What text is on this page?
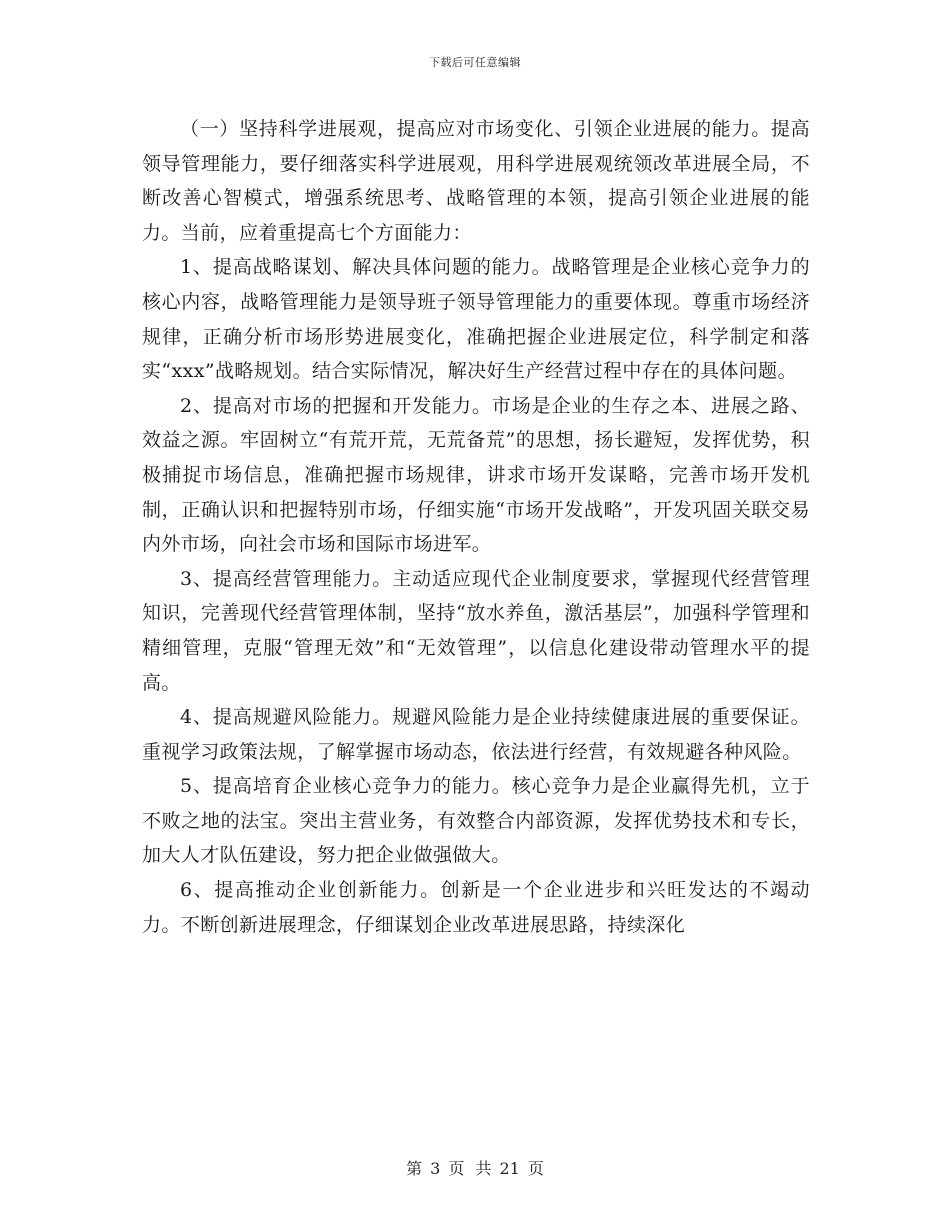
下载后可任意编辑

（一）坚持科学进展观，提高应对市场变化、引领企业进展的能力。提高领导管理能力，要仔细落实科学进展观，用科学进展观统领改革进展全局，不断改善心智模式，增强系统思考、战略管理的本领，提高引领企业进展的能力。当前，应着重提高七个方面能力：

1、提高战略谋划、解决具体问题的能力。战略管理是企业核心竞争力的核心内容，战略管理能力是领导班子领导管理能力的重要体现。尊重市场经济规律，正确分析市场形势进展变化，准确把握企业进展定位，科学制定和落实“xxx”战略规划。结合实际情况，解决好生产经营过程中存在的具体问题。

2、提高对市场的把握和开发能力。市场是企业的生存之本、进展之路、效益之源。牢固树立“有荒开荒，无荒备荒”的思想，扬长避短，发挥优势，积极捕捉市场信息，准确把握市场规律，讲求市场开发谋略，完善市场开发机制，正确认识和把握特别市场，仔细实施“市场开发战略”，开发巩固关联交易内外市场，向社会市场和国际市场进军。

3、提高经营管理能力。主动适应现代企业制度要求，掌握现代经营管理知识，完善现代经营管理体制，坚持“放水养鱼，激活基层”，加强科学管理和精细管理，克服“管理无效”和“无效管理”，以信息化建设带动管理水平的提高。

4、提高规避风险能力。规避风险能力是企业持续健康进展的重要保证。重视学习政策法规，了解掌握市场动态，依法进行经营，有效规避各种风险。

5、提高培育企业核心竞争力的能力。核心竞争力是企业赢得先机，立于不败之地的法宝。突出主营业务，有效整合内部资源，发挥优势技术和专长，加大人才队伍建设，努力把企业做强做大。

6、提高推动企业创新能力。创新是一个企业进步和兴旺发达的不竭动力。不断创新进展理念，仔细谋划企业改革进展思路，持续深化

第 3 页 共 21 页
